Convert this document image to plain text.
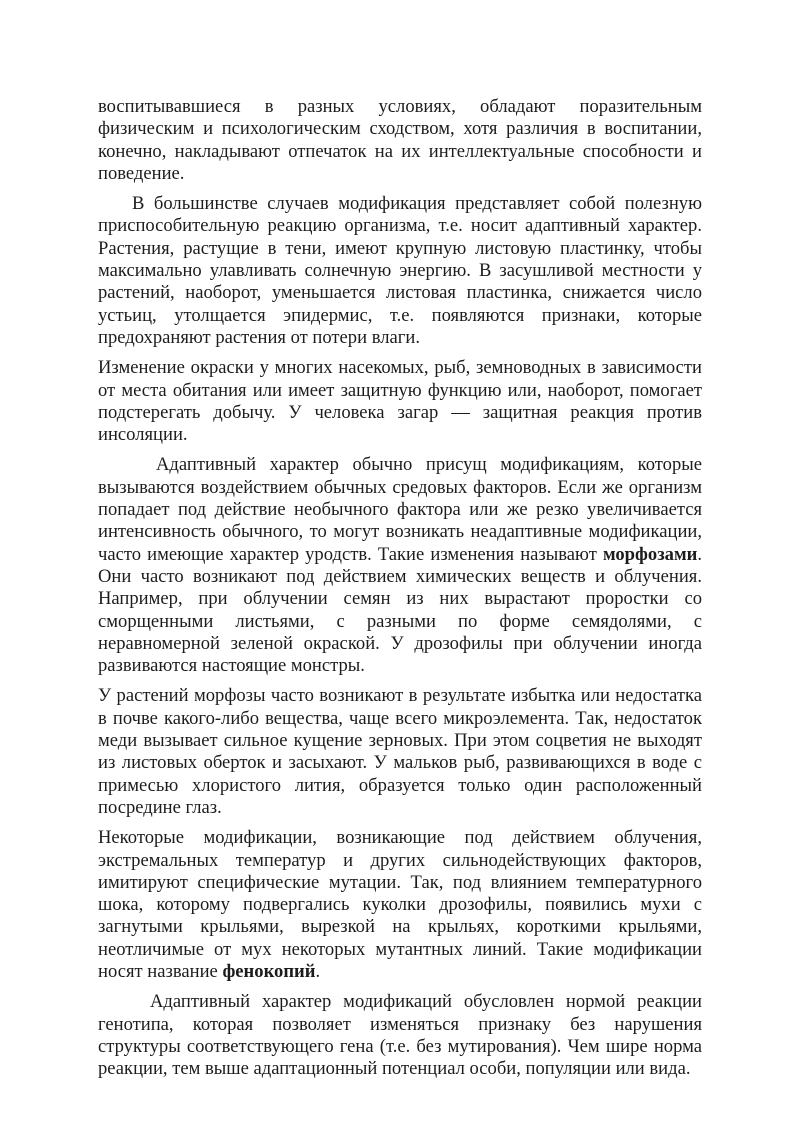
воспитывавшиеся в разных условиях, обладают поразительным физическим и психологическим сходством, хотя различия в воспитании, конечно, накладывают отпечаток на их интеллектуальные способности и поведение.

В большинстве случаев модификация представляет собой полезную приспособительную реакцию организма, т.е. носит адаптивный характер. Растения, растущие в тени, имеют крупную листовую пластинку, чтобы максимально улавливать солнечную энергию. В засушливой местности у растений, наоборот, уменьшается листовая пластинка, снижается число устьиц, утолщается эпидермис, т.е. появляются признаки, которые предохраняют растения от потери влаги.

Изменение окраски у многих насекомых, рыб, земноводных в зависимости от места обитания или имеет защитную функцию или, наоборот, помогает подстерегать добычу. У человека загар — защитная реакция против инсоляции.

Адаптивный характер обычно присущ модификациям, которые вызываются воздействием обычных средовых факторов. Если же организм попадает под действие необычного фактора или же резко увеличивается интенсивность обычного, то могут возникать неадаптивные модификации, часто имеющие характер уродств. Такие изменения называют морфозами. Они часто возникают под действием химических веществ и облучения. Например, при облучении семян из них вырастают проростки со сморщенными листьями, с разными по форме семядолями, с неравномерной зеленой окраской. У дрозофилы при облучении иногда развиваются настоящие монстры.

У растений морфозы часто возникают в результате избытка или недостатка в почве какого-либо вещества, чаще всего микроэлемента. Так, недостаток меди вызывает сильное кущение зерновых. При этом соцветия не выходят из листовых оберток и засыхают. У мальков рыб, развивающихся в воде с примесью хлористого лития, образуется только один расположенный посредине глаз.

Некоторые модификации, возникающие под действием облучения, экстремальных температур и других сильнодействующих факторов, имитируют специфические мутации. Так, под влиянием температурного шока, которому подвергались куколки дрозофилы, появились мухи с загнутыми крыльями, вырезкой на крыльях, короткими крыльями, неотличимые от мух некоторых мутантных линий. Такие модификации носят название фенокопий.

Адаптивный характер модификаций обусловлен нормой реакции генотипа, которая позволяет изменяться признаку без нарушения структуры соответствующего гена (т.е. без мутирования). Чем шире норма реакции, тем выше адаптационный потенциал особи, популяции или вида.
